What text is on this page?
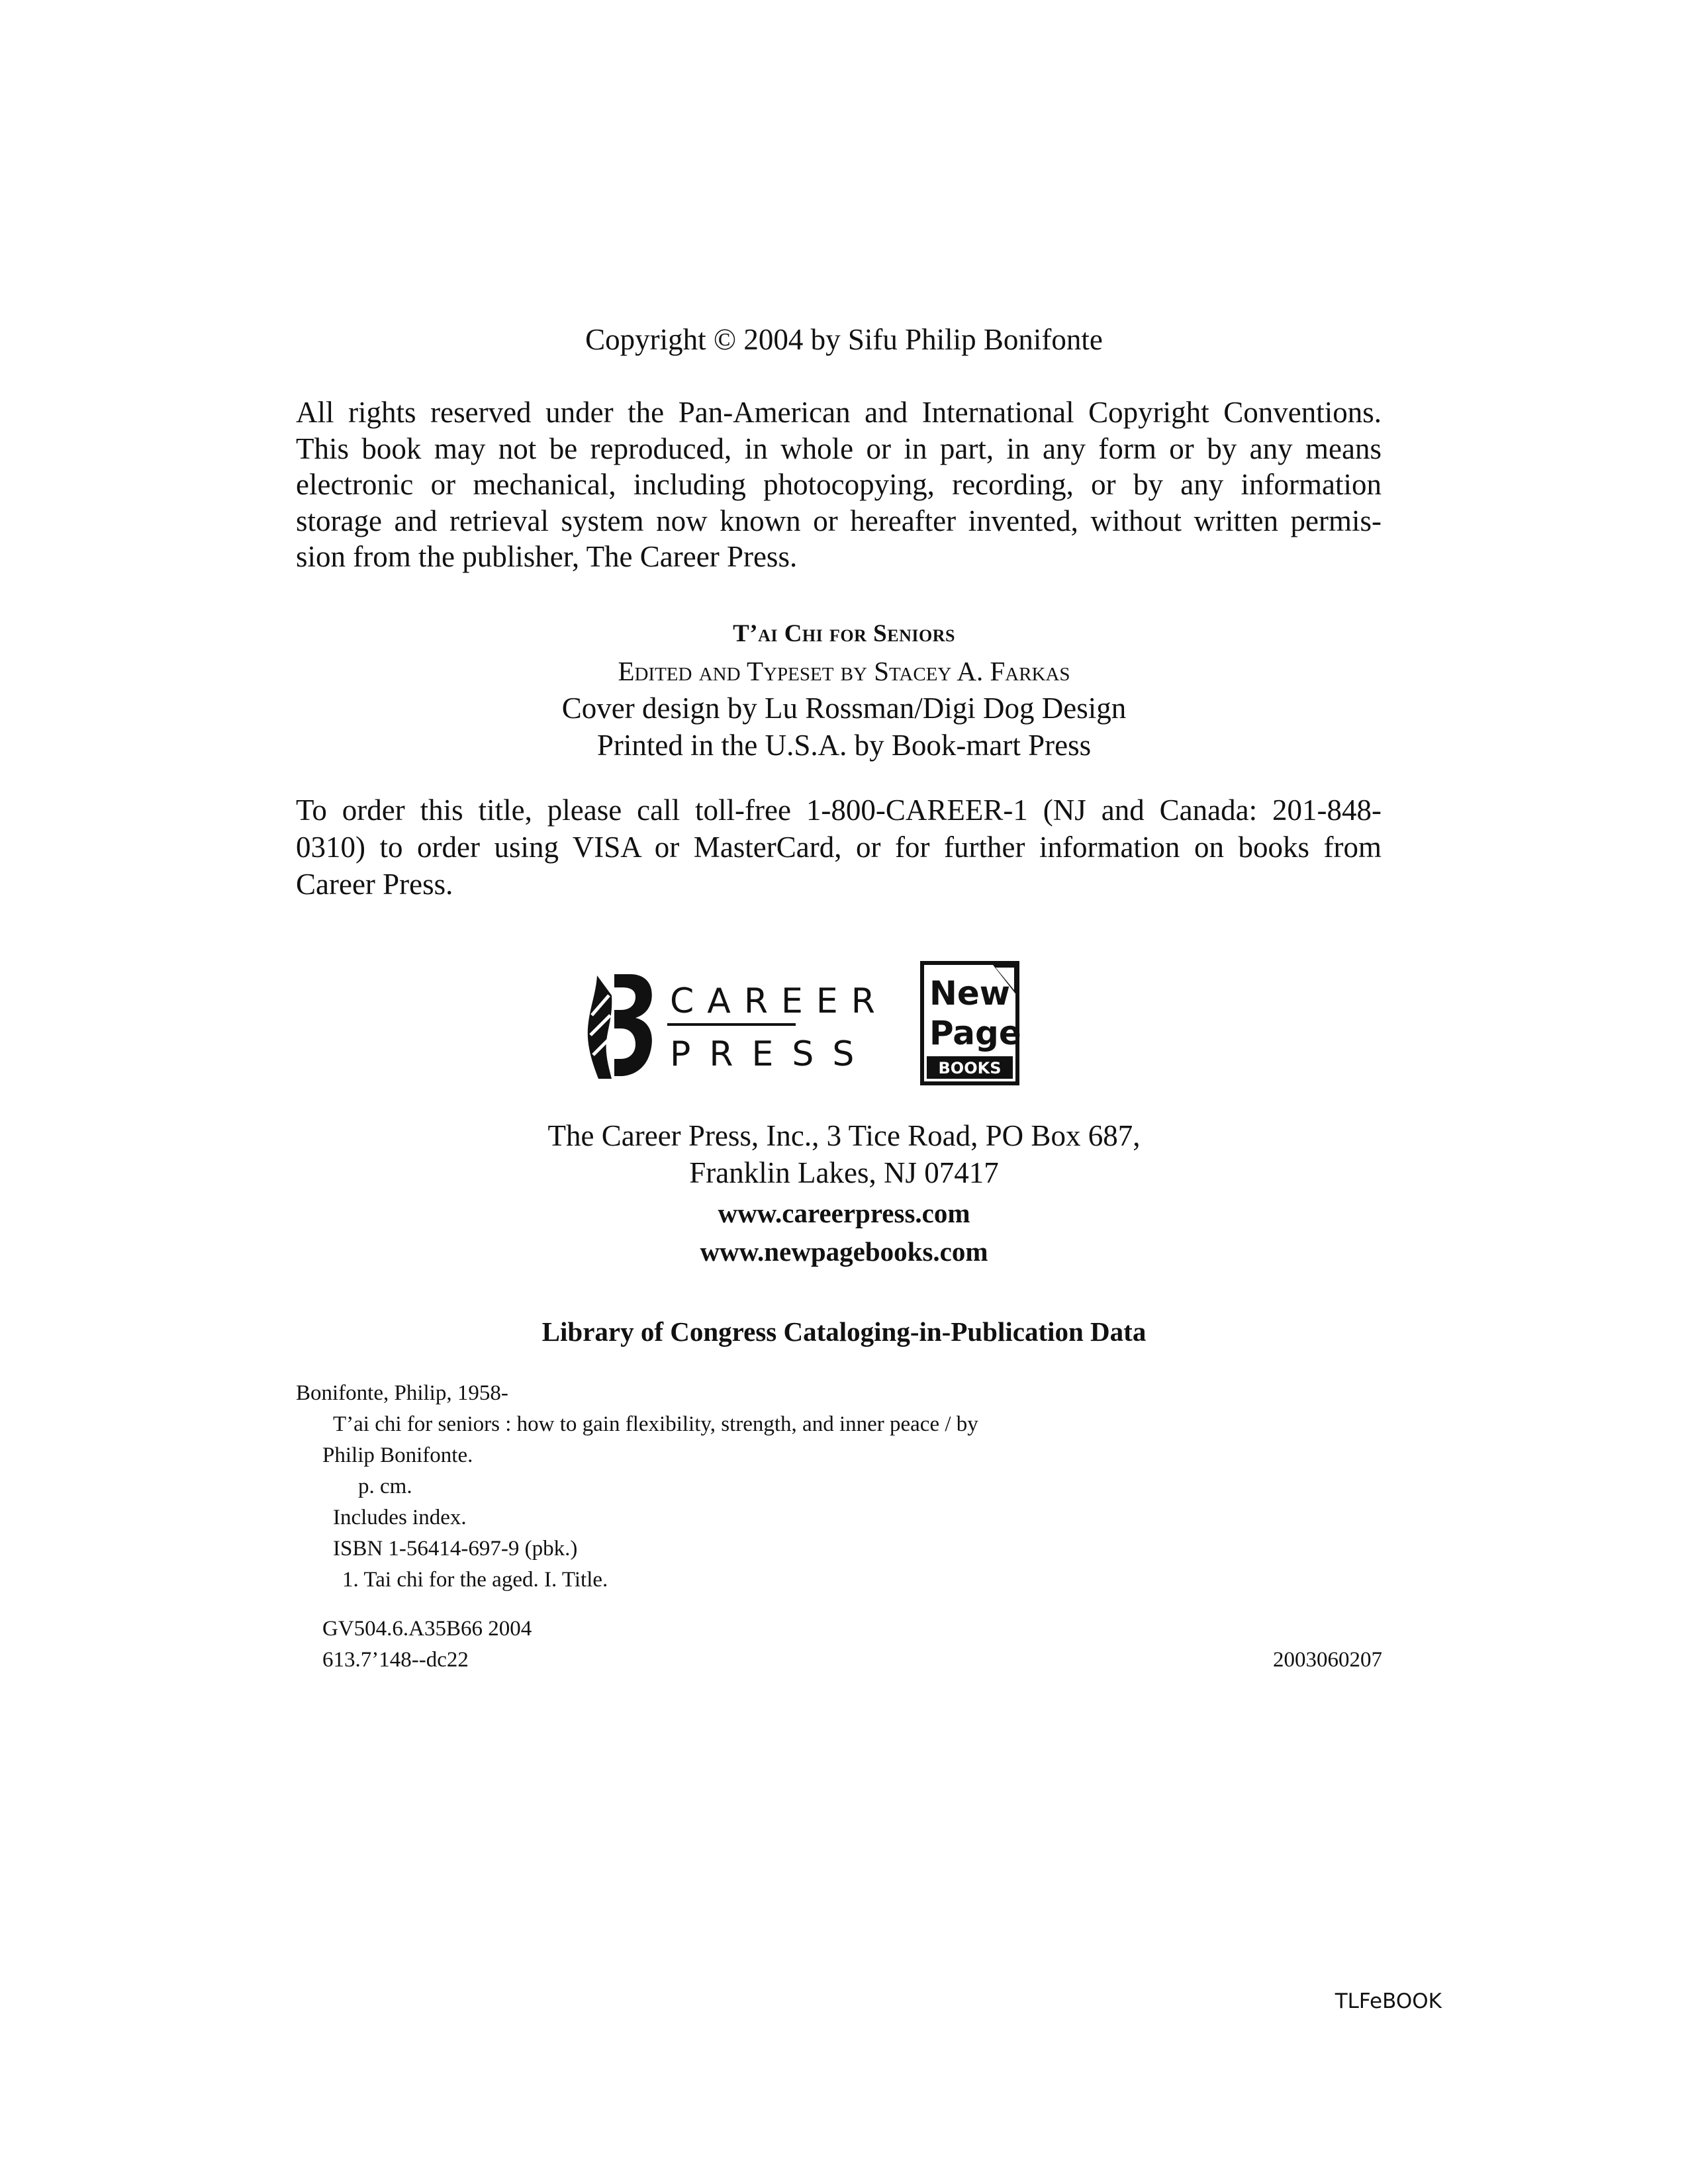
Copyright © 2004 by Sifu Philip Bonifonte
All rights reserved under the Pan-American and International Copyright Conventions.
This book may not be reproduced, in whole or in part, in any form or by any means
electronic or mechanical, including photocopying, recording, or by any information
storage and retrieval system now known or hereafter invented, without written permis-
sion from the publisher, The Career Press.
T’ai Chi for Seniors
Edited and Typeset by Stacey A. Farkas
Cover design by Lu Rossman/Digi Dog Design
Printed in the U.S.A. by Book-mart Press
To order this title, please call toll-free 1-800-CAREER-1 (NJ and Canada: 201-848-
0310) to order using VISA or MasterCard, or for further information on books from
Career Press.
CAREER
PRESS
New
Page
BOOKS
The Career Press, Inc., 3 Tice Road, PO Box 687,
Franklin Lakes, NJ 07417
www.careerpress.com
www.newpagebooks.com
Library of Congress Cataloging-in-Publication Data
Bonifonte, Philip, 1958-
T’ai chi for seniors : how to gain flexibility, strength, and inner peace / by
Philip Bonifonte.
p. cm.
Includes index.
ISBN 1-56414-697-9 (pbk.)
1. Tai chi for the aged. I. Title.
GV504.6.A35B66 2004
613.7’148--dc22	2003060207
TLFeBOOK
